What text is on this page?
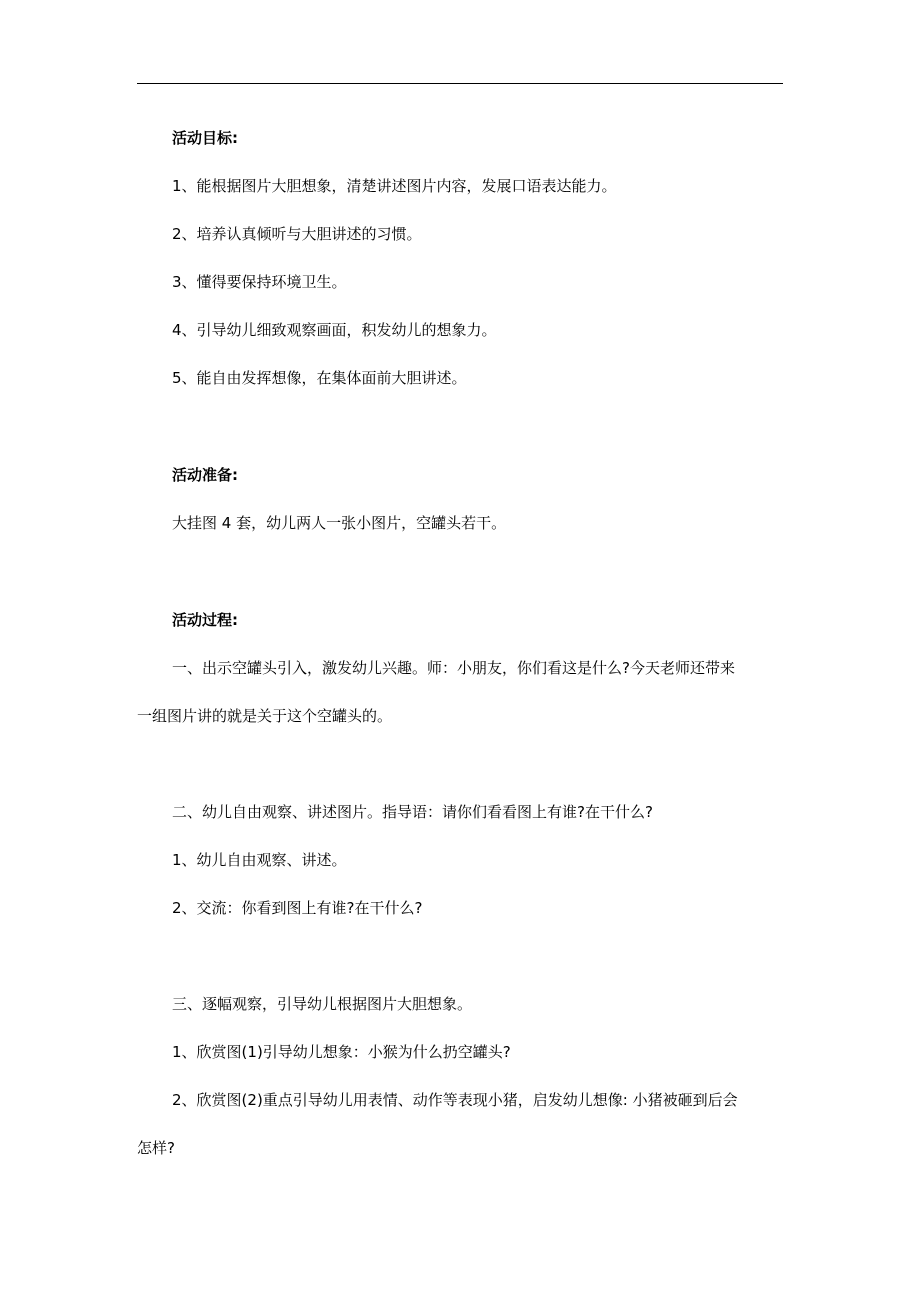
活动目标:

1、能根据图片大胆想象，清楚讲述图片内容，发展口语表达能力。

2、培养认真倾听与大胆讲述的习惯。

3、懂得要保持环境卫生。

4、引导幼儿细致观察画面，积发幼儿的想象力。

5、能自由发挥想像，在集体面前大胆讲述。

活动准备:

大挂图 4 套，幼儿两人一张小图片，空罐头若干。

活动过程:

一、出示空罐头引入，激发幼儿兴趣。师：小朋友，你们看这是什么?今天老师还带来

一组图片讲的就是关于这个空罐头的。

二、幼儿自由观察、讲述图片。指导语：请你们看看图上有谁?在干什么?

1、幼儿自由观察、讲述。

2、交流：你看到图上有谁?在干什么?

三、逐幅观察，引导幼儿根据图片大胆想象。

1、欣赏图(1)引导幼儿想象：小猴为什么扔空罐头?

2、欣赏图(2)重点引导幼儿用表情、动作等表现小猪，启发幼儿想像: 小猪被砸到后会

怎样?
